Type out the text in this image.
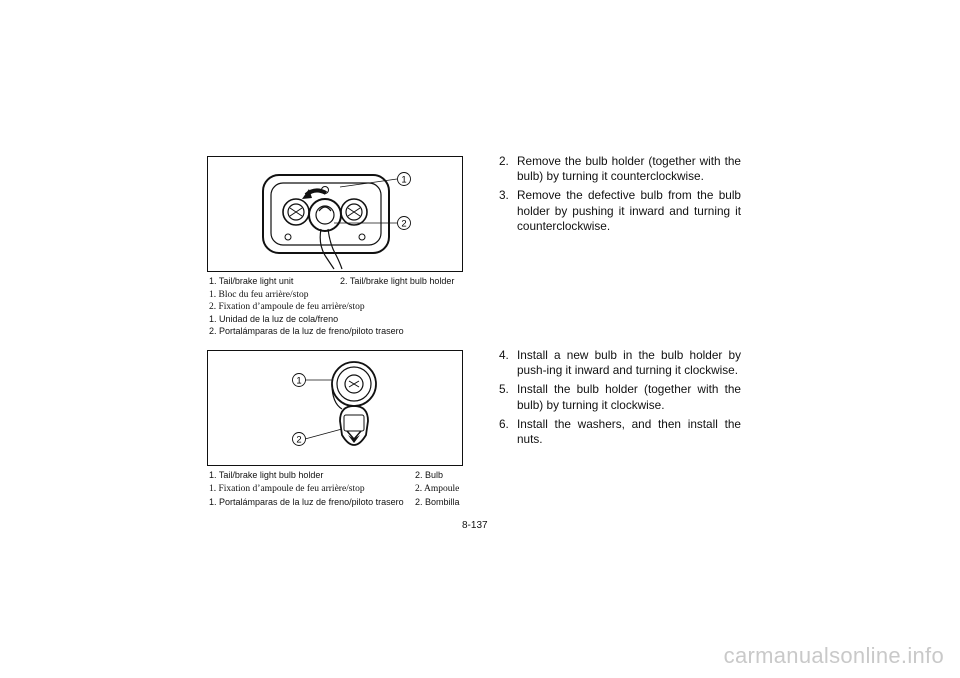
1
2
1. Tail/brake light unit	2. Tail/brake light bulb holder
1. Bloc du feu arrière/stop
2. Fixation d’ampoule de feu arrière/stop
1. Unidad de la luz de cola/freno
2. Portalámparas de la luz de freno/piloto trasero
1
2
1. Tail/brake light bulb holder	2. Bulb
1. Fixation d’ampoule de feu arrière/stop	2. Ampoule
1. Portalámparas de la luz de freno/piloto trasero 2. Bombilla
2. Remove the bulb holder (together with the bulb) by turning it counterclockwise.
3. Remove the defective bulb from the bulb holder by pushing it inward and turning it counterclockwise.
4. Install a new bulb in the bulb holder by push-ing it inward and turning it clockwise.
5. Install the bulb holder (together with the bulb) by turning it clockwise.
6. Install the washers, and then install the nuts.
8-137
carmanualsonline.info
